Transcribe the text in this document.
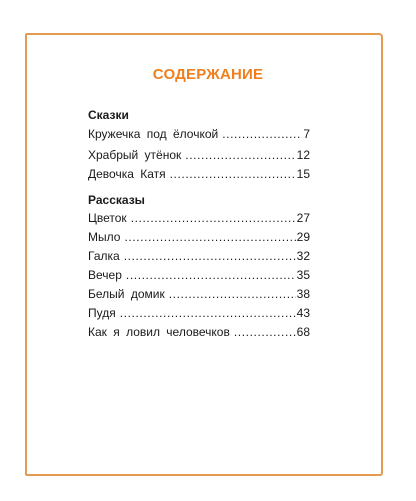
СОДЕРЖАНИЕ
Сказки
Кружечка под ёлочкой .....	7
Храбрый утёнок .....	12
Девочка Катя .....	15
Рассказы
Цветок .....	27
Мыло .....	29
Галка .....	32
Вечер .....	35
Белый домик .....	38
Пудя .....	43
Как я ловил человечков .....	68
